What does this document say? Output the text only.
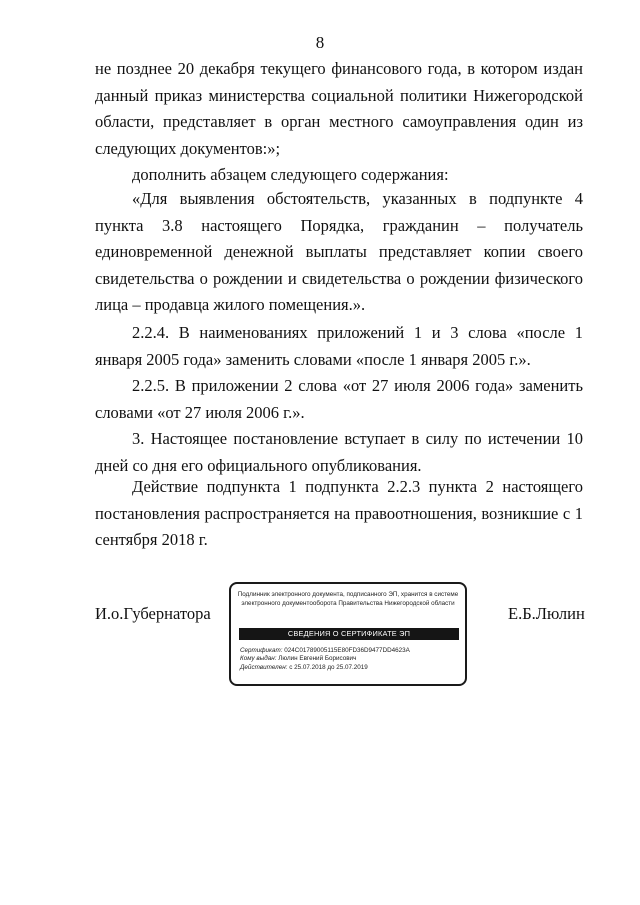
8

не позднее 20 декабря текущего финансового года, в котором издан данный приказ министерства социальной политики Нижегородской области, представляет в орган местного самоуправления один из следующих документов:»;

дополнить абзацем следующего содержания:

«Для выявления обстоятельств, указанных в подпункте 4 пункта 3.8 настоящего Порядка, гражданин – получатель единовременной денежной выплаты представляет копии своего свидетельства о рождении и свидетельства о рождении физического лица – продавца жилого помещения.».

2.2.4. В наименованиях приложений 1 и 3 слова «после 1 января 2005 года» заменить словами «после 1 января 2005 г.».

2.2.5. В приложении 2 слова «от 27 июля 2006 года» заменить словами «от 27 июля 2006 г.».

3. Настоящее постановление вступает в силу по истечении 10 дней со дня его официального опубликования.

Действие подпункта 1 подпункта 2.2.3 пункта 2 настоящего постановления распространяется на правоотношения, возникшие с 1 сентября 2018 г.

И.о.Губернатора
Подлинник электронного документа, подписанного ЭП, хранится в системе электронного документооборота Правительства Нижегородской области
СВЕДЕНИЯ О СЕРТИФИКАТЕ ЭП
Сертификат: 024C01789005115E80FD36D9477DD4623A
Кому выдан: Люлин Евгений Борисович
Действителен: с 25.07.2018 до 25.07.2019
Е.Б.Люлин
